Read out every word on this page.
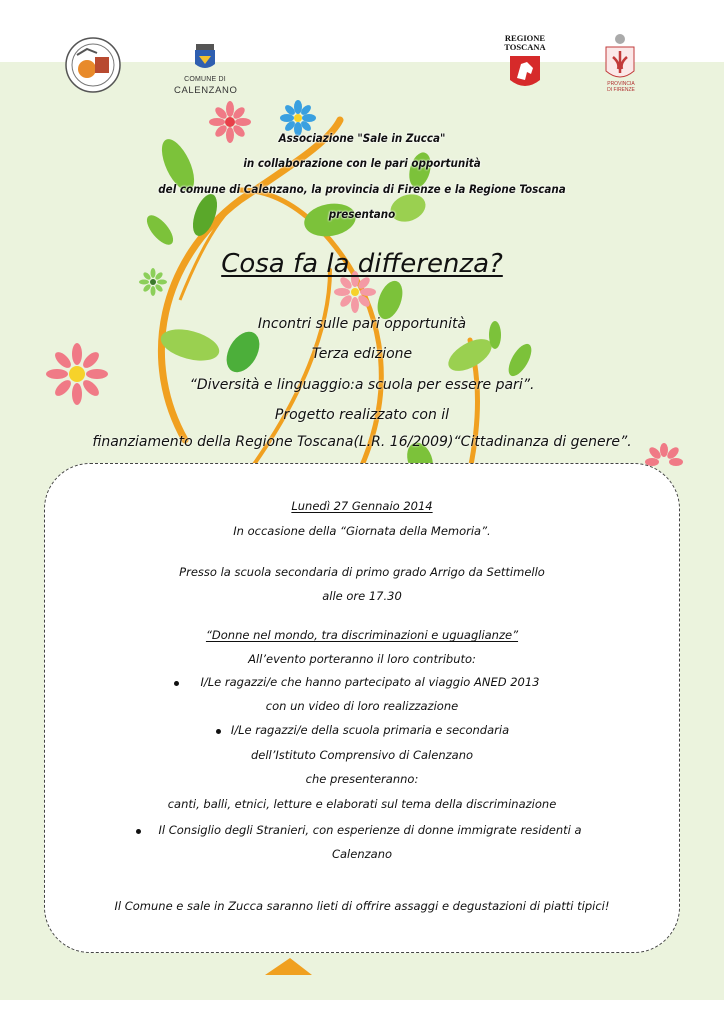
COMUNE DI
CALENZANO
REGIONE
TOSCANA
PROVINCIA
DI FIRENZE
Associazione "Sale in Zucca"
in collaborazione con le pari opportunità
del comune di Calenzano, la provincia di Firenze e la Regione Toscana
presentano
Cosa fa la differenza?
Incontri sulle pari opportunità
Terza edizione
“Diversità e linguaggio:a scuola per essere pari”.
Progetto realizzato con il
finanziamento della Regione Toscana(L.R. 16/2009)“Cittadinanza di genere”.
Lunedì 27 Gennaio 2014
In occasione della “Giornata della Memoria”.
Presso la scuola secondaria di primo grado Arrigo da Settimello
alle ore 17.30
“Donne nel mondo, tra discriminazioni e uguaglianze”
All’evento porteranno il loro contributo:
I/Le ragazzi/e che hanno partecipato al viaggio ANED 2013
con un video di loro realizzazione
I/Le ragazzi/e della scuola primaria e secondaria
dell’Istituto Comprensivo di Calenzano
che presenteranno:
canti, balli, etnici, letture e elaborati sul tema della discriminazione
Il Consiglio degli Stranieri, con esperienze di donne immigrate residenti a
Calenzano
Il Comune e sale in Zucca saranno lieti di offrire assaggi e degustazioni di piatti tipici!
